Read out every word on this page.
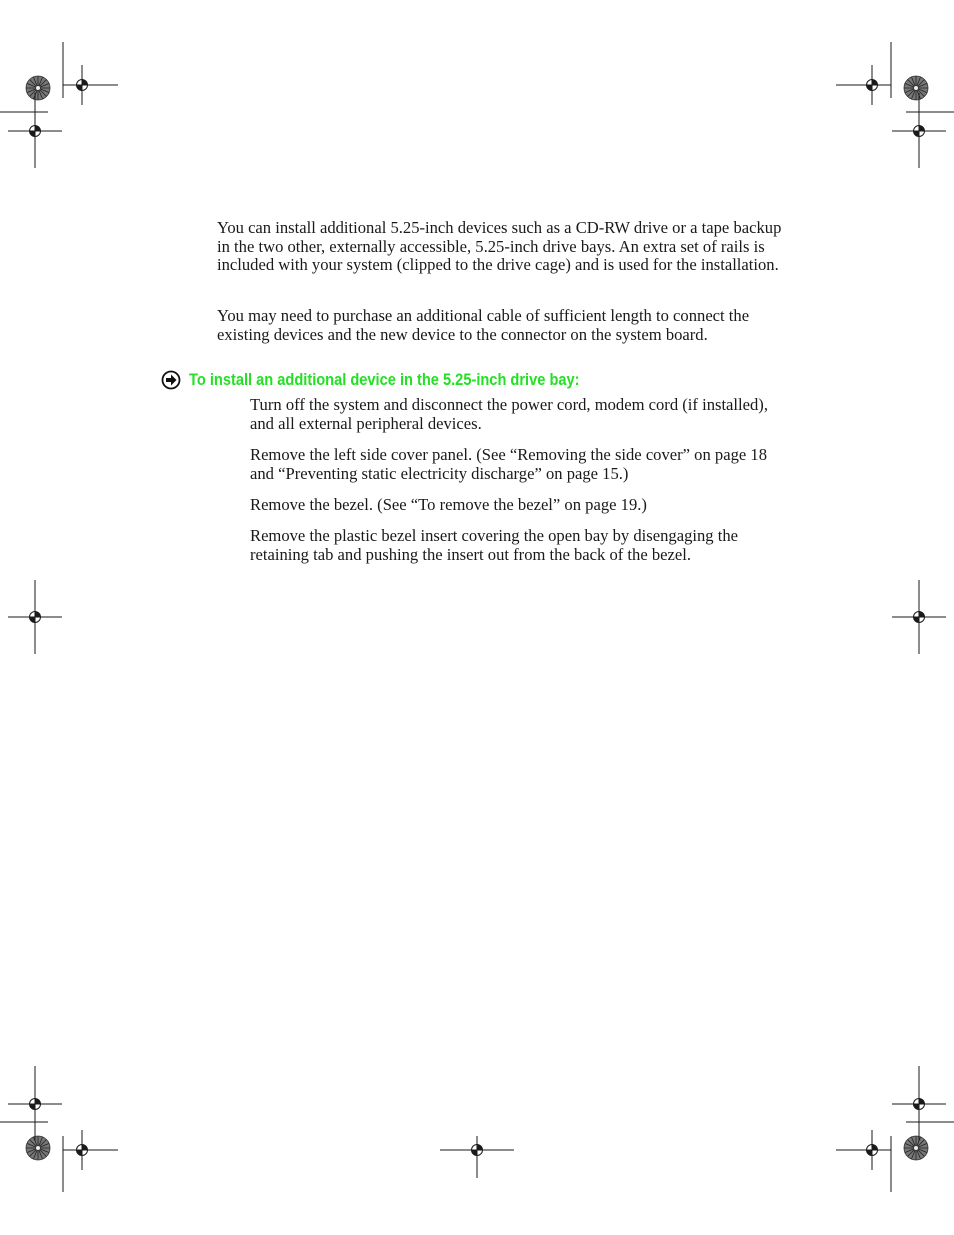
You can install additional 5.25-inch devices such as a CD-RW drive or a tape backup in the two other, externally accessible, 5.25-inch drive bays. An extra set of rails is included with your system (clipped to the drive cage) and is used for the installation.

You may need to purchase an additional cable of sufficient length to connect the existing devices and the new device to the connector on the system board.

To install an additional device in the 5.25-inch drive bay:
Turn off the system and disconnect the power cord, modem cord (if installed), and all external peripheral devices.
Remove the left side cover panel. (See “Removing the side cover” on page 18 and “Preventing static electricity discharge” on page 15.)
Remove the bezel. (See “To remove the bezel” on page 19.)
Remove the plastic bezel insert covering the open bay by disengaging the retaining tab and pushing the insert out from the back of the bezel.
